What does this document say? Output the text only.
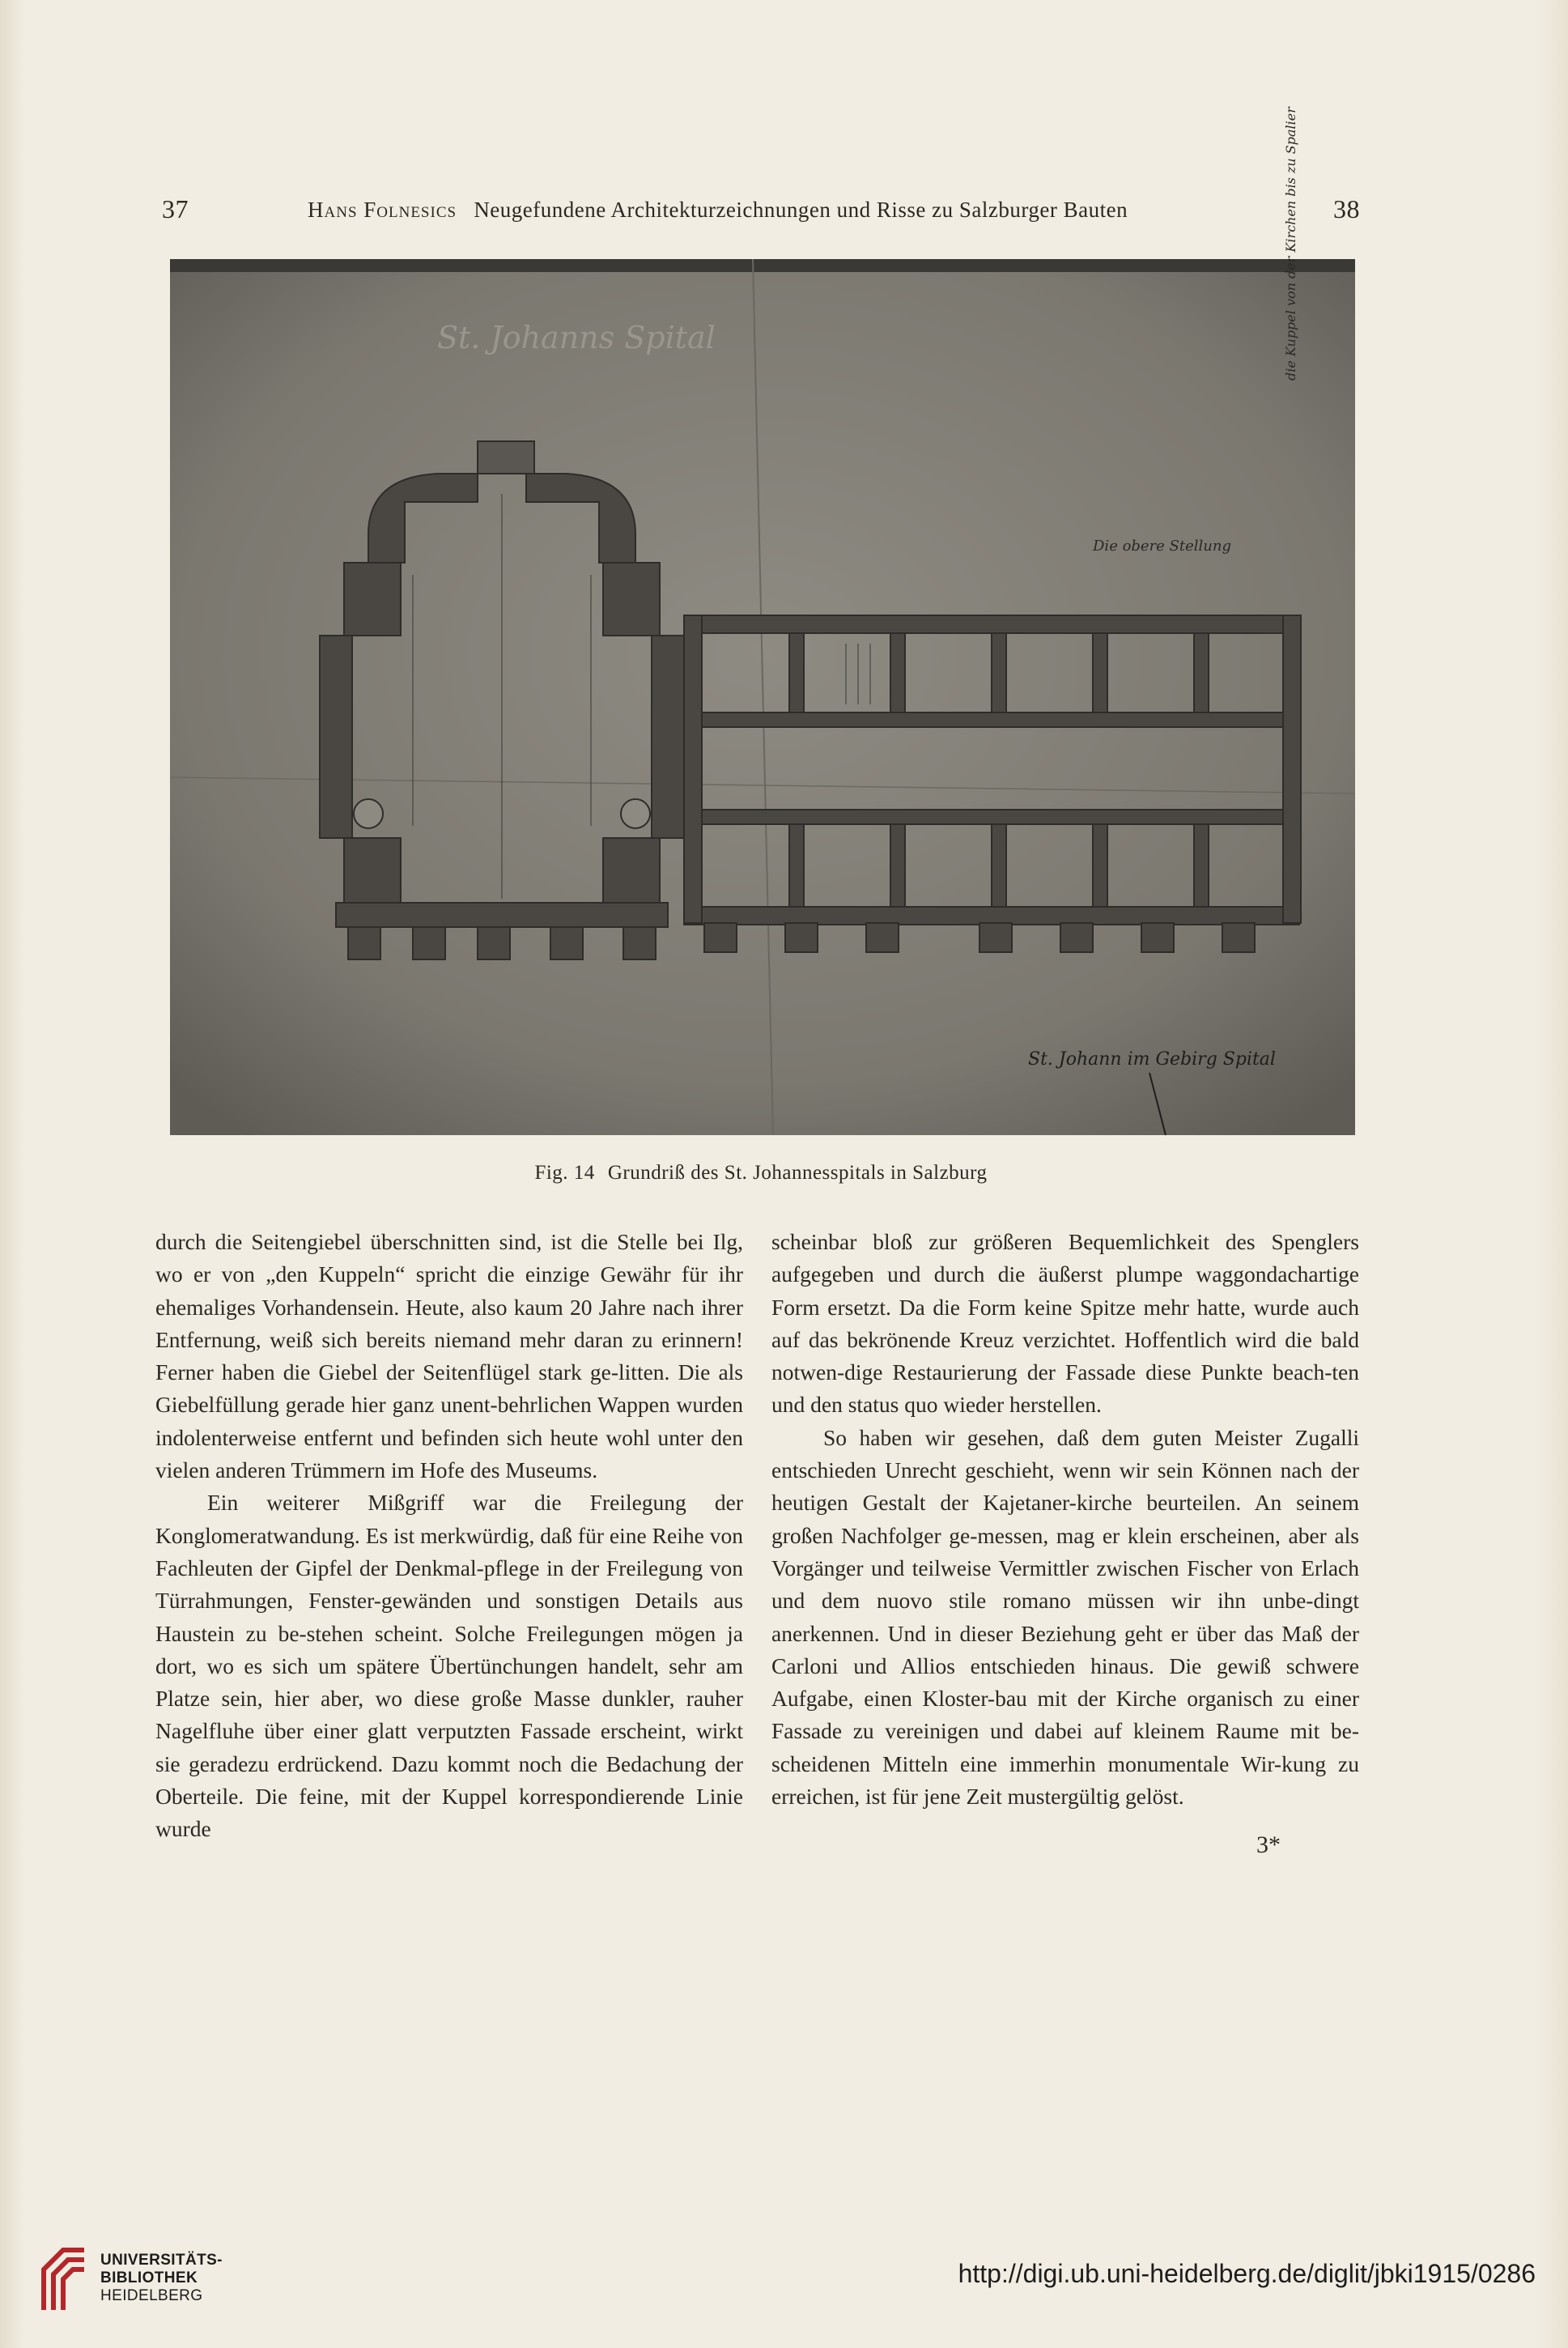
37	Hans Folnesics Neugefundene Architekturzeichnungen und Risse zu Salzburger Bauten	38
St. Johanns Spital
Die obere Stellung
die Kuppel von der Kirchen bis zu Spalier
St. Johann im Gebirg Spital
Fig. 14 Grundriß des St. Johannesspitals in Salzburg

durch die Seitengiebel überschnitten sind, ist die Stelle bei Ilg, wo er von „den Kuppeln“ spricht die einzige Gewähr für ihr ehemaliges Vorhandensein. Heute, also kaum 20 Jahre nach ihrer Entfernung, weiß sich bereits niemand mehr daran zu erinnern! Ferner haben die Giebel der Seitenflügel stark ge-litten. Die als Giebelfüllung gerade hier ganz unent-behrlichen Wappen wurden indolenterweise entfernt und befinden sich heute wohl unter den vielen anderen Trümmern im Hofe des Museums.

Ein weiterer Mißgriff war die Freilegung der Konglomeratwandung. Es ist merkwürdig, daß für eine Reihe von Fachleuten der Gipfel der Denkmal-pflege in der Freilegung von Türrahmungen, Fenster-gewänden und sonstigen Details aus Haustein zu be-stehen scheint. Solche Freilegungen mögen ja dort, wo es sich um spätere Übertünchungen handelt, sehr am Platze sein, hier aber, wo diese große Masse dunkler, rauher Nagelfluhe über einer glatt verputzten Fassade erscheint, wirkt sie geradezu erdrückend. Dazu kommt noch die Bedachung der Oberteile. Die feine, mit der Kuppel korrespondierende Linie wurde

scheinbar bloß zur größeren Bequemlichkeit des Spenglers aufgegeben und durch die äußerst plumpe waggondachartige Form ersetzt. Da die Form keine Spitze mehr hatte, wurde auch auf das bekrönende Kreuz verzichtet. Hoffentlich wird die bald notwen-dige Restaurierung der Fassade diese Punkte beach-ten und den status quo wieder herstellen.

So haben wir gesehen, daß dem guten Meister Zugalli entschieden Unrecht geschieht, wenn wir sein Können nach der heutigen Gestalt der Kajetaner-kirche beurteilen. An seinem großen Nachfolger ge-messen, mag er klein erscheinen, aber als Vorgänger und teilweise Vermittler zwischen Fischer von Erlach und dem nuovo stile romano müssen wir ihn unbe-dingt anerkennen. Und in dieser Beziehung geht er über das Maß der Carloni und Allios entschieden hinaus. Die gewiß schwere Aufgabe, einen Kloster-bau mit der Kirche organisch zu einer Fassade zu vereinigen und dabei auf kleinem Raume mit be-scheidenen Mitteln eine immerhin monumentale Wir-kung zu erreichen, ist für jene Zeit mustergültig gelöst.

3*
UNIVERSITÄTS-
BIBLIOTHEK
HEIDELBERG
http://digi.ub.uni-heidelberg.de/diglit/jbki1915/0286
